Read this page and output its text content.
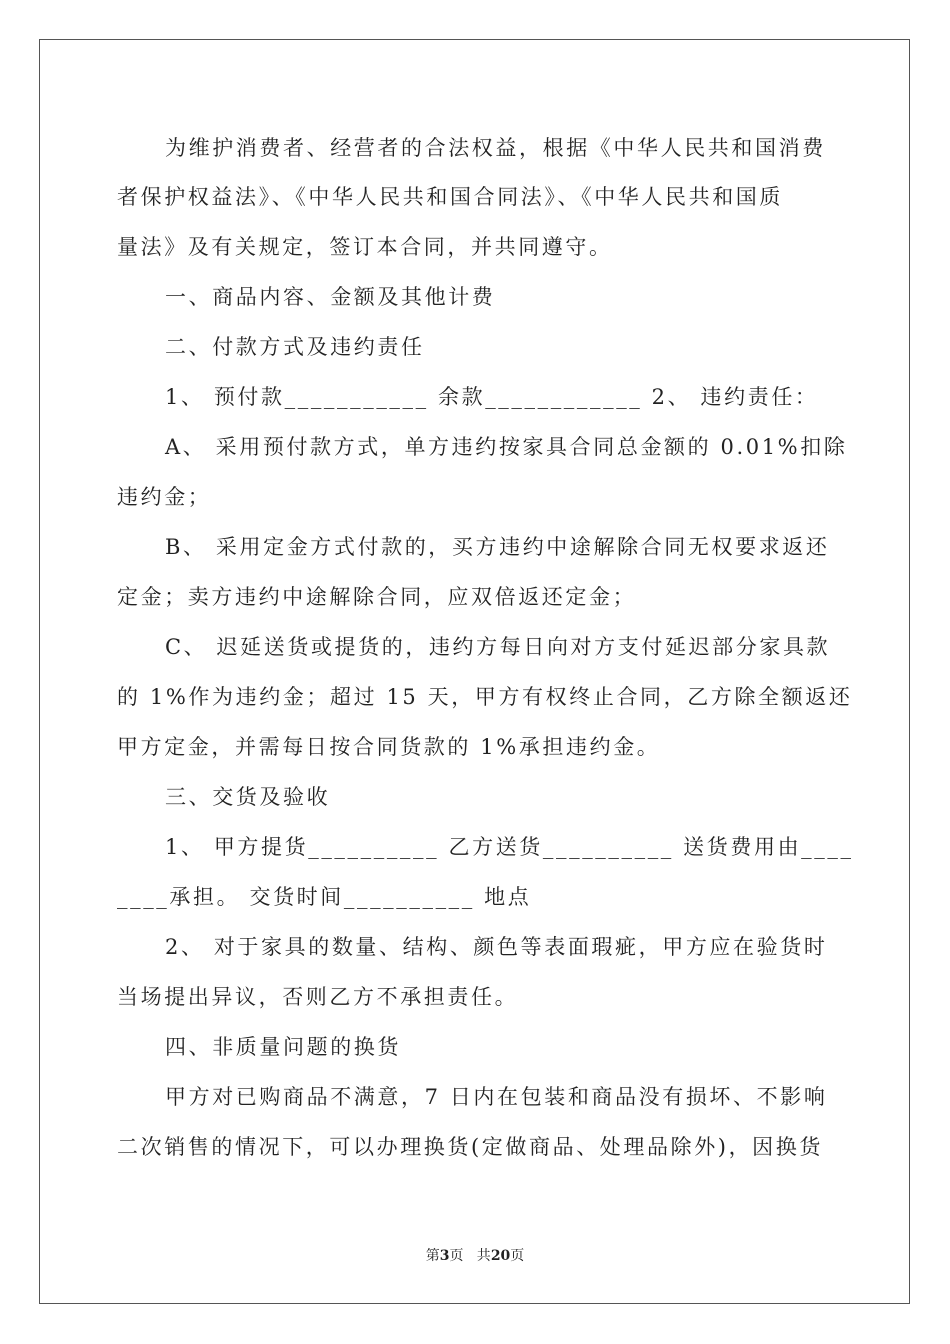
为维护消费者、经营者的合法权益，根据《中华人民共和国消费
者保护权益法》、《中华人民共和国合同法》、《中华人民共和国质
量法》及有关规定，签订本合同，并共同遵守。
一、商品内容、金额及其他计费
二、付款方式及违约责任
1、 预付款___________ 余款____________ 2、 违约责任：
A、 采用预付款方式，单方违约按家具合同总金额的 0.01%扣除
违约金；
B、 采用定金方式付款的，买方违约中途解除合同无权要求返还
定金；卖方违约中途解除合同，应双倍返还定金；
C、 迟延送货或提货的，违约方每日向对方支付延迟部分家具款
的 1%作为违约金；超过 15 天，甲方有权终止合同，乙方除全额返还
甲方定金，并需每日按合同货款的 1%承担违约金。
三、交货及验收
1、 甲方提货__________ 乙方送货__________ 送货费用由____
____承担。 交货时间__________ 地点
2、 对于家具的数量、结构、颜色等表面瑕疵，甲方应在验货时
当场提出异议，否则乙方不承担责任。
四、非质量问题的换货
甲方对已购商品不满意，7 日内在包装和商品没有损坏、不影响
二次销售的情况下，可以办理换货(定做商品、处理品除外)，因换货
第3页   共20页
